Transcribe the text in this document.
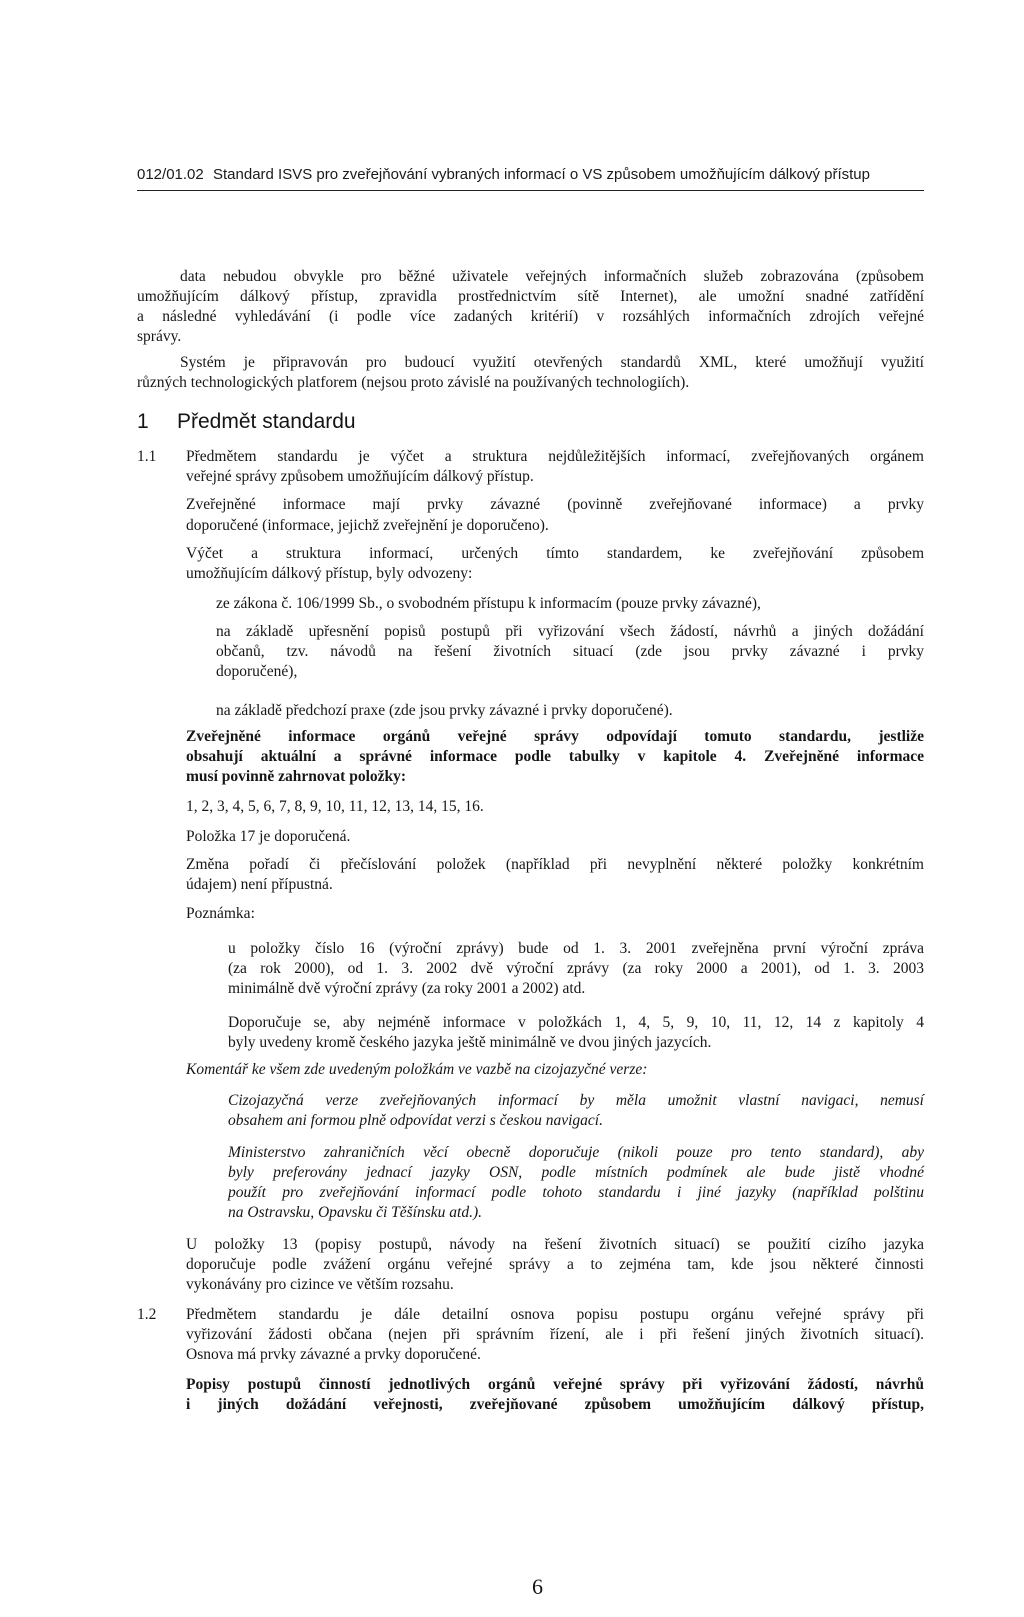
012/01.02 Standard ISVS pro zveřejňování vybraných informací o VS způsobem umožňujícím dálkový přístup
data nebudou obvykle pro běžné uživatele veřejných informačních služeb zobrazována (způsobem
umožňujícím dálkový přístup, zpravidla prostřednictvím sítě Internet), ale umožní snadné zatřídění
a následné vyhledávání (i podle více zadaných kritérií) v rozsáhlých informačních zdrojích veřejné
správy.
Systém je připravován pro budoucí využití otevřených standardů XML, které umožňují využití
různých technologických platforem (nejsou proto závislé na používaných technologiích).
1 Předmět standardu
1.1 Předmětem standardu je výčet a struktura nejdůležitějších informací, zveřejňovaných orgánem
veřejné správy způsobem umožňujícím dálkový přístup.
Zveřejněné informace mají prvky závazné (povinně zveřejňované informace) a prvky
doporučené (informace, jejichž zveřejnění je doporučeno).
Výčet a struktura informací, určených tímto standardem, ke zveřejňování způsobem
umožňujícím dálkový přístup, byly odvozeny:
ze zákona č. 106/1999 Sb., o svobodném přístupu k informacím (pouze prvky závazné),
na základě upřesnění popisů postupů při vyřizování všech žádostí, návrhů a jiných dožádání
občanů, tzv. návodů na řešení životních situací (zde jsou prvky závazné i prvky
doporučené),
na základě předchozí praxe (zde jsou prvky závazné i prvky doporučené).
Zveřejněné informace orgánů veřejné správy odpovídají tomuto standardu, jestliže
obsahují aktuální a správné informace podle tabulky v kapitole 4. Zveřejněné informace
musí povinně zahrnovat položky:
1, 2, 3, 4, 5, 6, 7, 8, 9, 10, 11, 12, 13, 14, 15, 16.
Položka 17 je doporučená.
Změna pořadí či přečíslování položek (například při nevyplnění některé položky konkrétním
údajem) není přípustná.
Poznámka:
u položky číslo 16 (výroční zprávy) bude od 1. 3. 2001 zveřejněna první výroční zpráva
(za rok 2000), od 1. 3. 2002 dvě výroční zprávy (za roky 2000 a 2001), od 1. 3. 2003
minimálně dvě výroční zprávy (za roky 2001 a 2002) atd.
Doporučuje se, aby nejméně informace v položkách 1, 4, 5, 9, 10, 11, 12, 14 z kapitoly 4
byly uvedeny kromě českého jazyka ještě minimálně ve dvou jiných jazycích.
Komentář ke všem zde uvedeným položkám ve vazbě na cizojazyčné verze:
Cizojazyčná verze zveřejňovaných informací by měla umožnit vlastní navigaci, nemusí
obsahem ani formou plně odpovídat verzi s českou navigací.
Ministerstvo zahraničních věcí obecně doporučuje (nikoli pouze pro tento standard), aby
byly preferovány jednací jazyky OSN, podle místních podmínek ale bude jistě vhodné
použít pro zveřejňování informací podle tohoto standardu i jiné jazyky (například polštinu
na Ostravsku, Opavsku či Těšínsku atd.).
U položky 13 (popisy postupů, návody na řešení životních situací) se použití cizího jazyka
doporučuje podle zvážení orgánu veřejné správy a to zejména tam, kde jsou některé činnosti
vykonávány pro cizince ve větším rozsahu.
1.2 Předmětem standardu je dále detailní osnova popisu postupu orgánu veřejné správy při
vyřizování žádosti občana (nejen při správním řízení, ale i při řešení jiných životních situací).
Osnova má prvky závazné a prvky doporučené.
Popisy postupů činností jednotlivých orgánů veřejné správy při vyřizování žádostí, návrhů
i jiných dožádání veřejnosti, zveřejňované způsobem umožňujícím dálkový přístup,
6
